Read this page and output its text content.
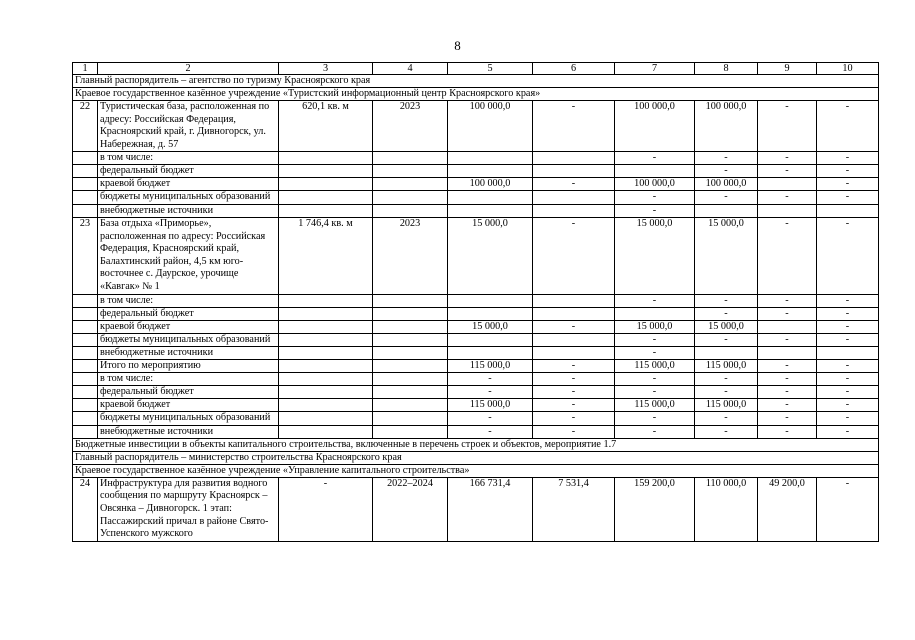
8
1	2	3	4	5	6	7	8	9	10
Главный распорядитель – агентство по туризму Красноярского края									
Краевое государственное казённое учреждение «Туристский информационный центр Красноярского края»									
22	Туристическая база, расположенная по адресу: Российская Федерация, Красноярский край, г. Дивногорск, ул. Набережная, д. 57	620,1 кв. м	2023	100 000,0	-	100 000,0	100 000,0	-	-
	в том числе:					-	-	-	-
	федеральный бюджет						-	-	-
	краевой бюджет			100 000,0	-	100 000,0	100 000,0		-
	бюджеты муниципальных образований					-	-	-	-
	внебюджетные источники					-			
23	База отдыха «Приморье», расположенная по адресу: Российская Федерация, Красноярский край, Балахтинский район, 4,5 км юго-восточнее с. Даурское, урочище «Кавгак» № 1	1 746,4 кв. м	2023	15 000,0	-	15 000,0	15 000,0	-	-
	в том числе:					-	-	-	-
	федеральный бюджет						-	-	-
	краевой бюджет			15 000,0	-	15 000,0	15 000,0		-
	бюджеты муниципальных образований					-	-	-	-
	внебюджетные источники					-			
	Итого по мероприятию			115 000,0	-	115 000,0	115 000,0	-	-
	в том числе:			-	-	-	-	-	-
	федеральный бюджет			-	-	-	-	-	-
	краевой бюджет			115 000,0	-	115 000,0	115 000,0	-	-
	бюджеты муниципальных образований			-	-	-	-	-	-
	внебюджетные источники			-	-	-	-	-	-
Бюджетные инвестиции в объекты капитального строительства, включенные в перечень строек и объектов, мероприятие 1.7									
Главный распорядитель – министерство строительства Красноярского края									
Краевое государственное казённое учреждение «Управление капитального строительства»									
24	Инфраструктура для развития водного сообщения по маршруту Красноярск – Овсянка – Дивногорск. 1 этап: Пассажирский причал в районе Свято-Успенского мужского	-	2022–2024	166 731,4	7 531,4	159 200,0	110 000,0	49 200,0	-
